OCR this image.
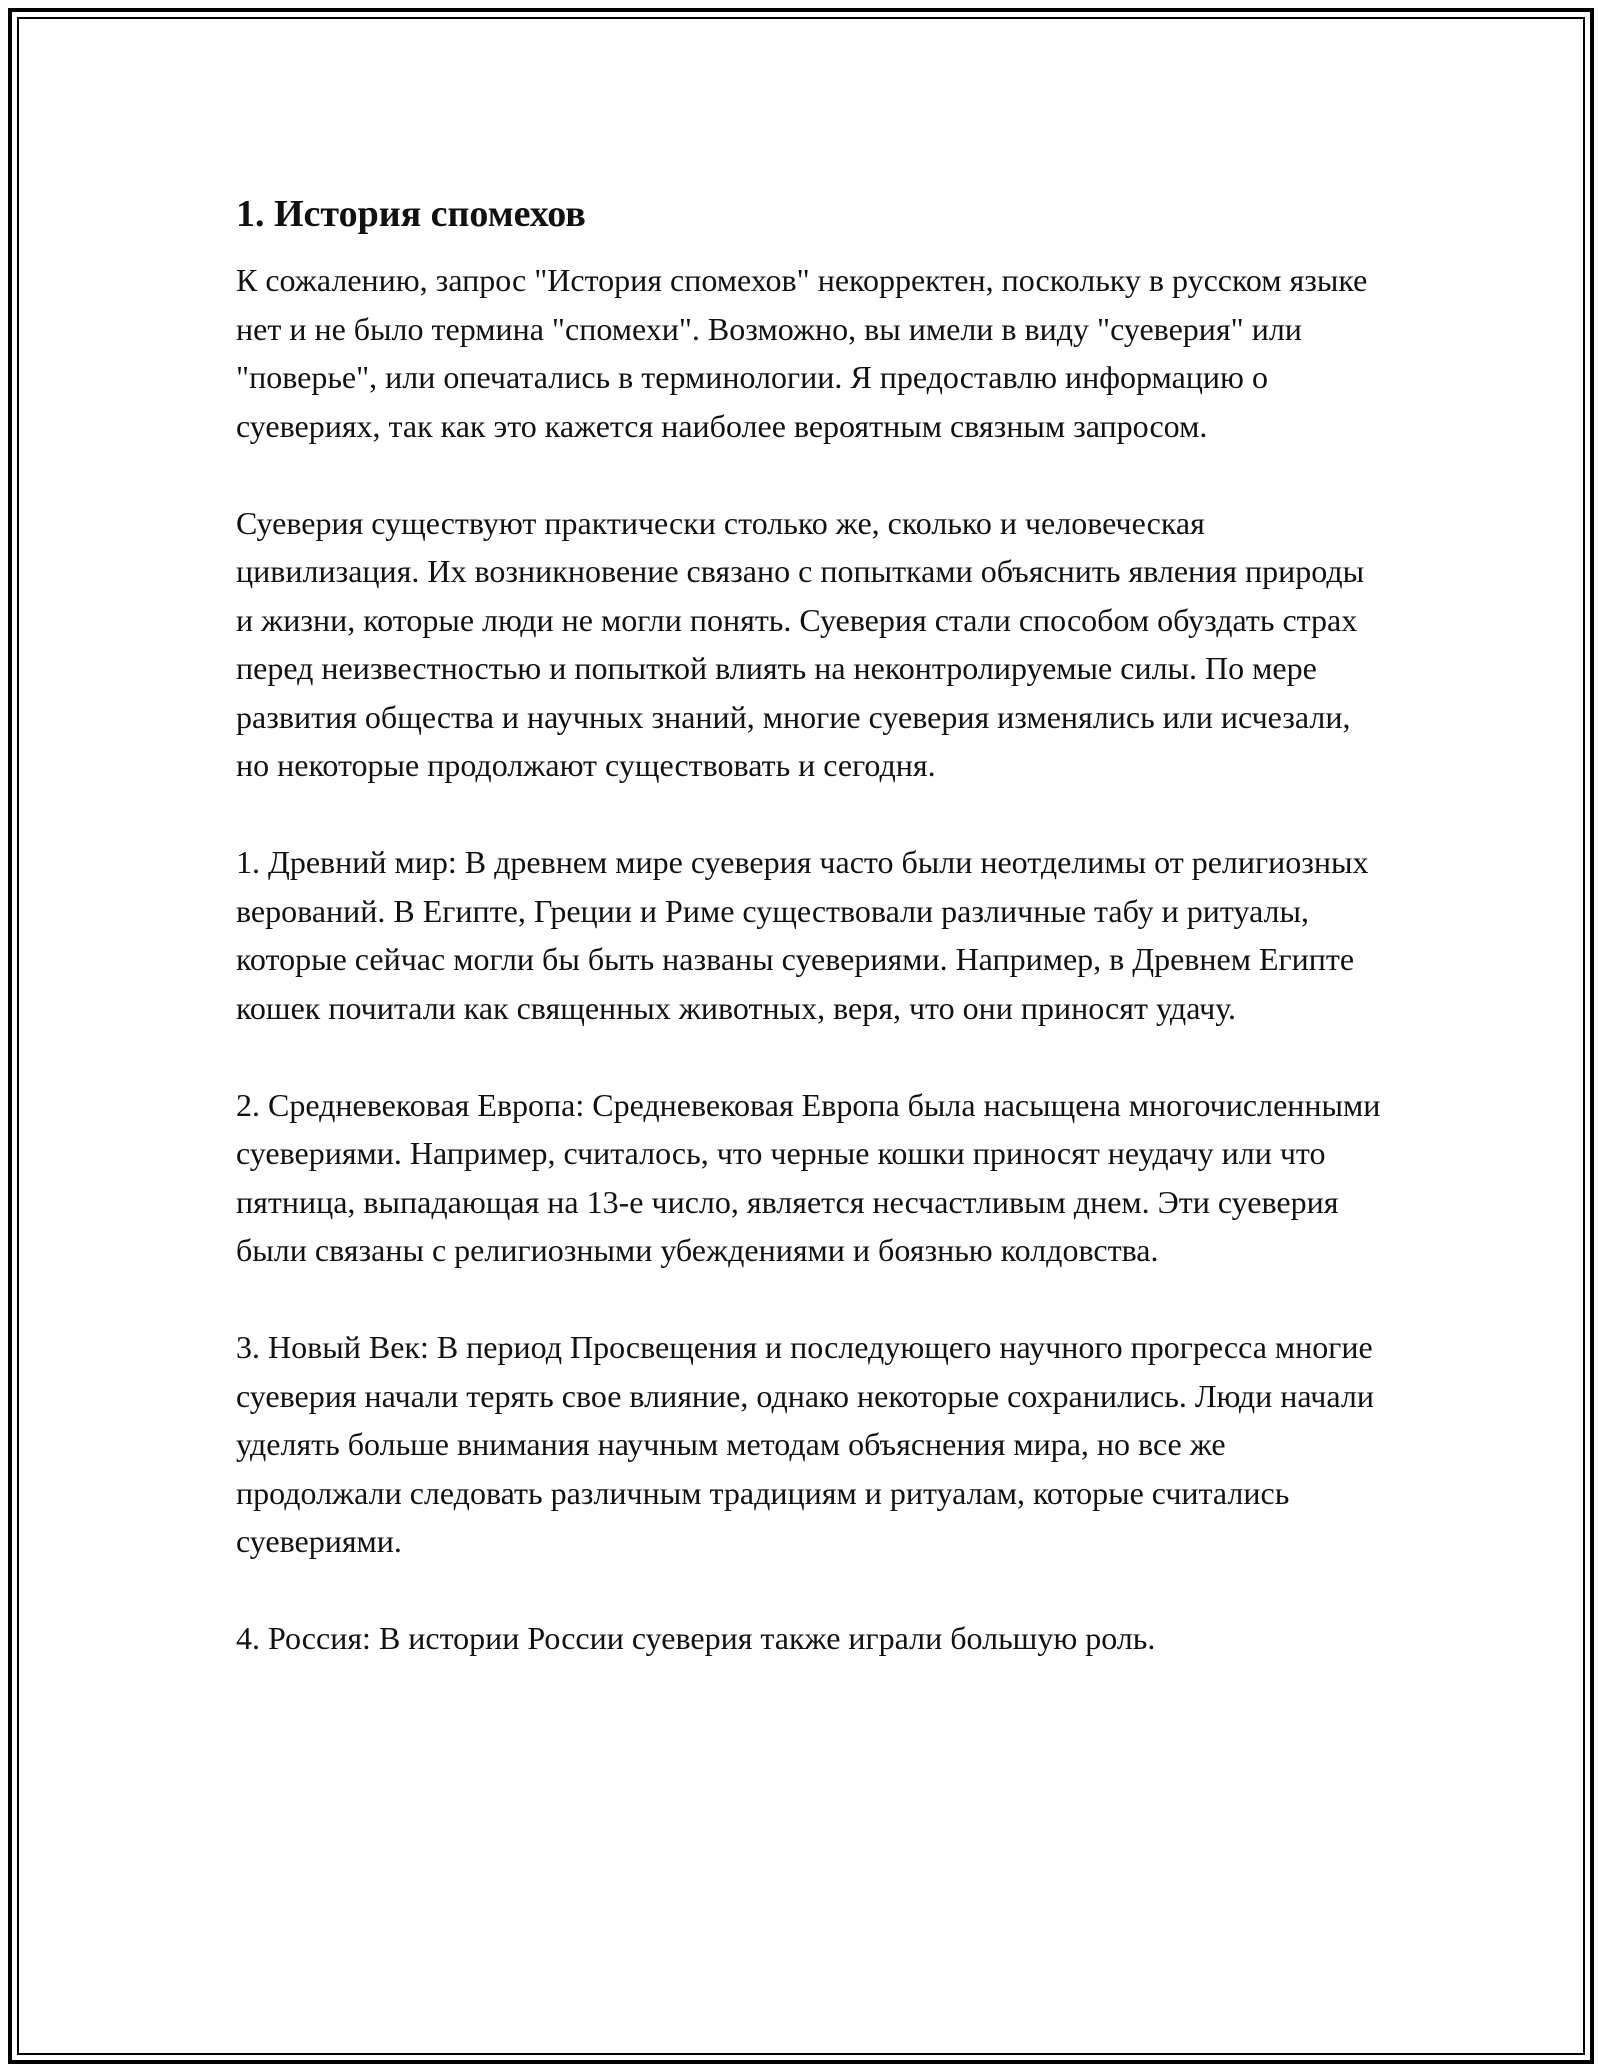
1. История спомехов

К сожалению, запрос "История спомехов" некорректен, поскольку в русском языке нет и не было термина "спомехи". Возможно, вы имели в виду "суеверия" или "поверье", или опечатались в терминологии. Я предоставлю информацию о суевериях, так как это кажется наиболее вероятным связным запросом.

Суеверия существуют практически столько же, сколько и человеческая цивилизация. Их возникновение связано с попытками объяснить явления природы и жизни, которые люди не могли понять. Суеверия стали способом обуздать страх перед неизвестностью и попыткой влиять на неконтролируемые силы. По мере развития общества и научных знаний, многие суеверия изменялись или исчезали, но некоторые продолжают существовать и сегодня.

1. Древний мир: В древнем мире суеверия часто были неотделимы от религиозных верований. В Египте, Греции и Риме существовали различные табу и ритуалы, которые сейчас могли бы быть названы суевериями. Например, в Древнем Египте кошек почитали как священных животных, веря, что они приносят удачу.

2. Средневековая Европа: Средневековая Европа была насыщена многочисленными суевериями. Например, считалось, что черные кошки приносят неудачу или что пятница, выпадающая на 13-е число, является несчастливым днем. Эти суеверия были связаны с религиозными убеждениями и боязнью колдовства.

3. Новый Век: В период Просвещения и последующего научного прогресса многие суеверия начали терять свое влияние, однако некоторые сохранились. Люди начали уделять больше внимания научным методам объяснения мира, но все же продолжали следовать различным традициям и ритуалам, которые считались суевериями.

4. Россия: В истории России суеверия также играли большую роль.
